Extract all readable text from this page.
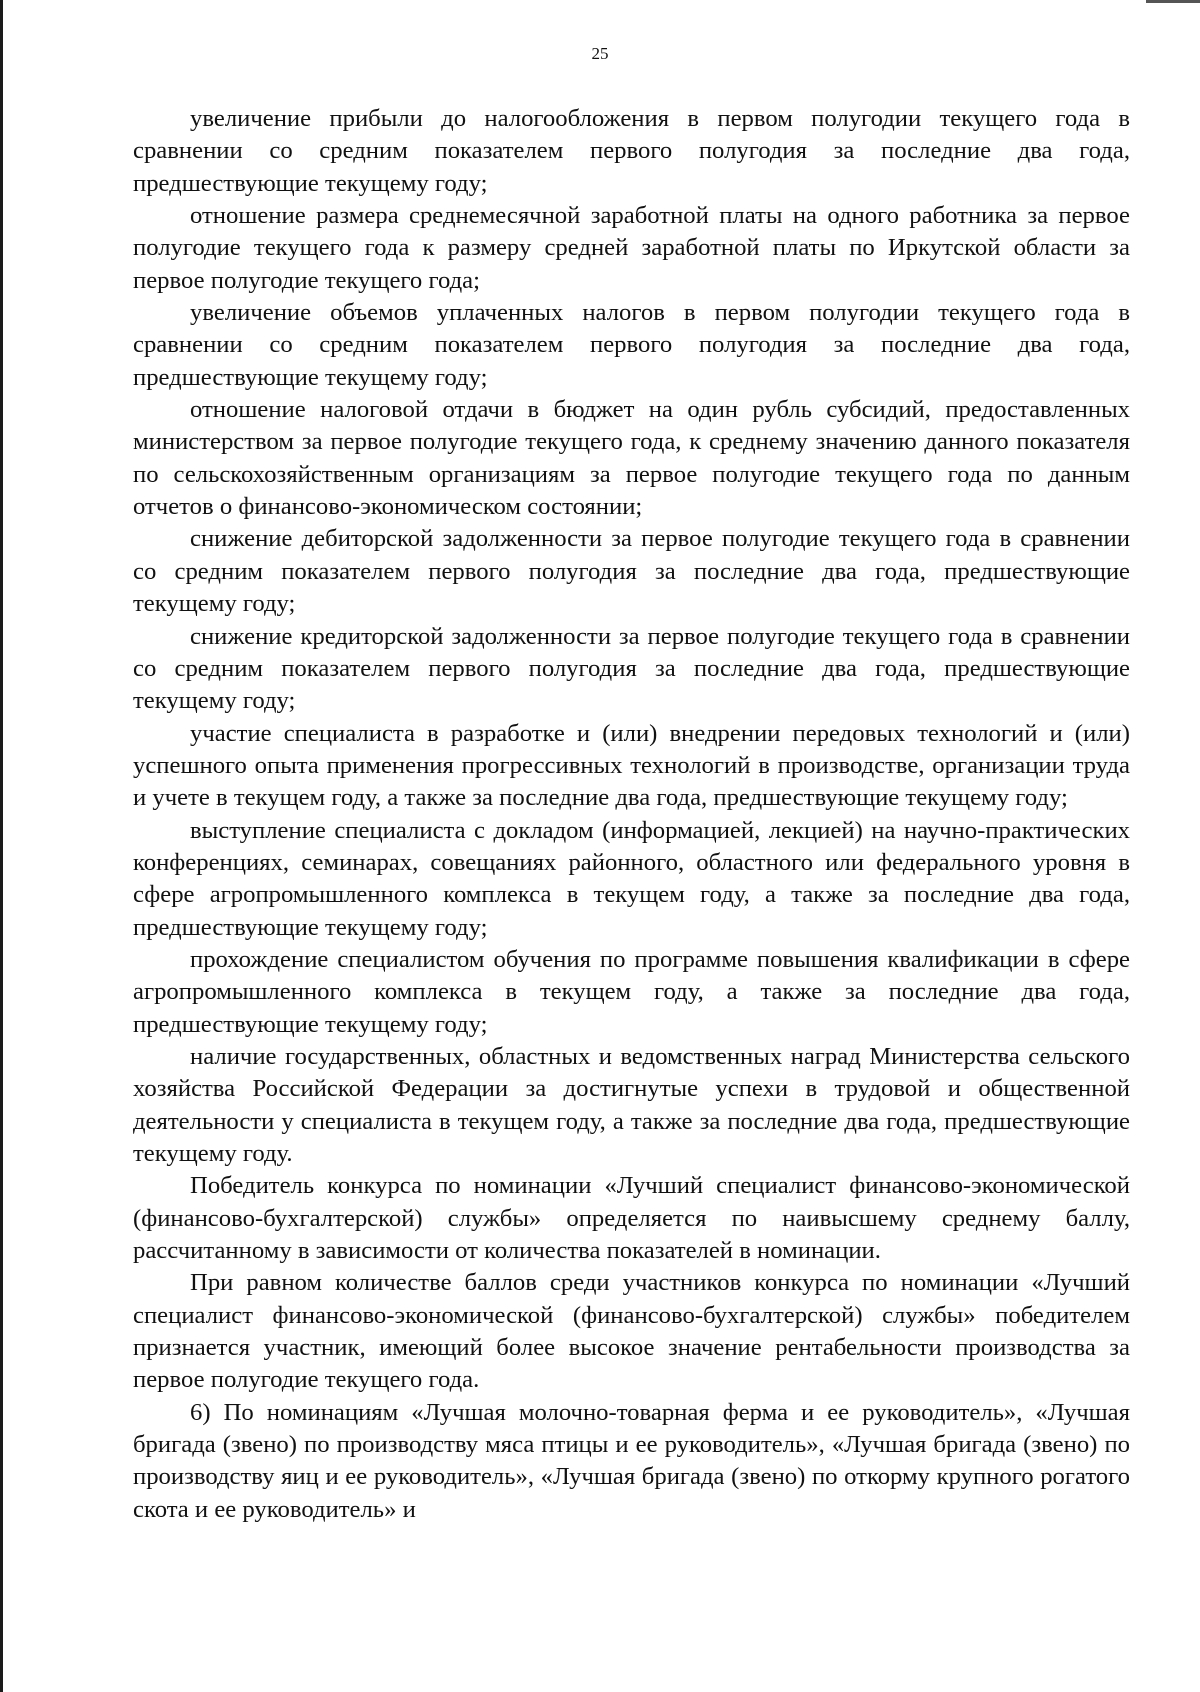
25

увеличение прибыли до налогообложения в первом полугодии текущего года в сравнении со средним показателем первого полугодия за последние два года, предшествующие текущему году;

отношение размера среднемесячной заработной платы на одного работника за первое полугодие текущего года к размеру средней заработной платы по Иркутской области за первое полугодие текущего года;

увеличение объемов уплаченных налогов в первом полугодии текущего года в сравнении со средним показателем первого полугодия за последние два года, предшествующие текущему году;

отношение налоговой отдачи в бюджет на один рубль субсидий, предоставленных министерством за первое полугодие текущего года, к среднему значению данного показателя по сельскохозяйственным организациям за первое полугодие текущего года по данным отчетов о финансово-экономическом состоянии;

снижение дебиторской задолженности за первое полугодие текущего года в сравнении со средним показателем первого полугодия за последние два года, предшествующие текущему году;

снижение кредиторской задолженности за первое полугодие текущего года в сравнении со средним показателем первого полугодия за последние два года, предшествующие текущему году;

участие специалиста в разработке и (или) внедрении передовых технологий и (или) успешного опыта применения прогрессивных технологий в производстве, организации труда и учете в текущем году, а также за последние два года, предшествующие текущему году;

выступление специалиста с докладом (информацией, лекцией) на научно-практических конференциях, семинарах, совещаниях районного, областного или федерального уровня в сфере агропромышленного комплекса в текущем году, а также за последние два года, предшествующие текущему году;

прохождение специалистом обучения по программе повышения квалификации в сфере агропромышленного комплекса в текущем году, а также за последние два года, предшествующие текущему году;

наличие государственных, областных и ведомственных наград Министерства сельского хозяйства Российской Федерации за достигнутые успехи в трудовой и общественной деятельности у специалиста в текущем году, а также за последние два года, предшествующие текущему году.

Победитель конкурса по номинации «Лучший специалист финансово-экономической (финансово-бухгалтерской) службы» определяется по наивысшему среднему баллу, рассчитанному в зависимости от количества показателей в номинации.

При равном количестве баллов среди участников конкурса по номинации «Лучший специалист финансово-экономической (финансово-бухгалтерской) службы» победителем признается участник, имеющий более высокое значение рентабельности производства за первое полугодие текущего года.

6) По номинациям «Лучшая молочно-товарная ферма и ее руководитель», «Лучшая бригада (звено) по производству мяса птицы и ее руководитель», «Лучшая бригада (звено) по производству яиц и ее руководитель», «Лучшая бригада (звено) по откорму крупного рогатого скота и ее руководитель» и
